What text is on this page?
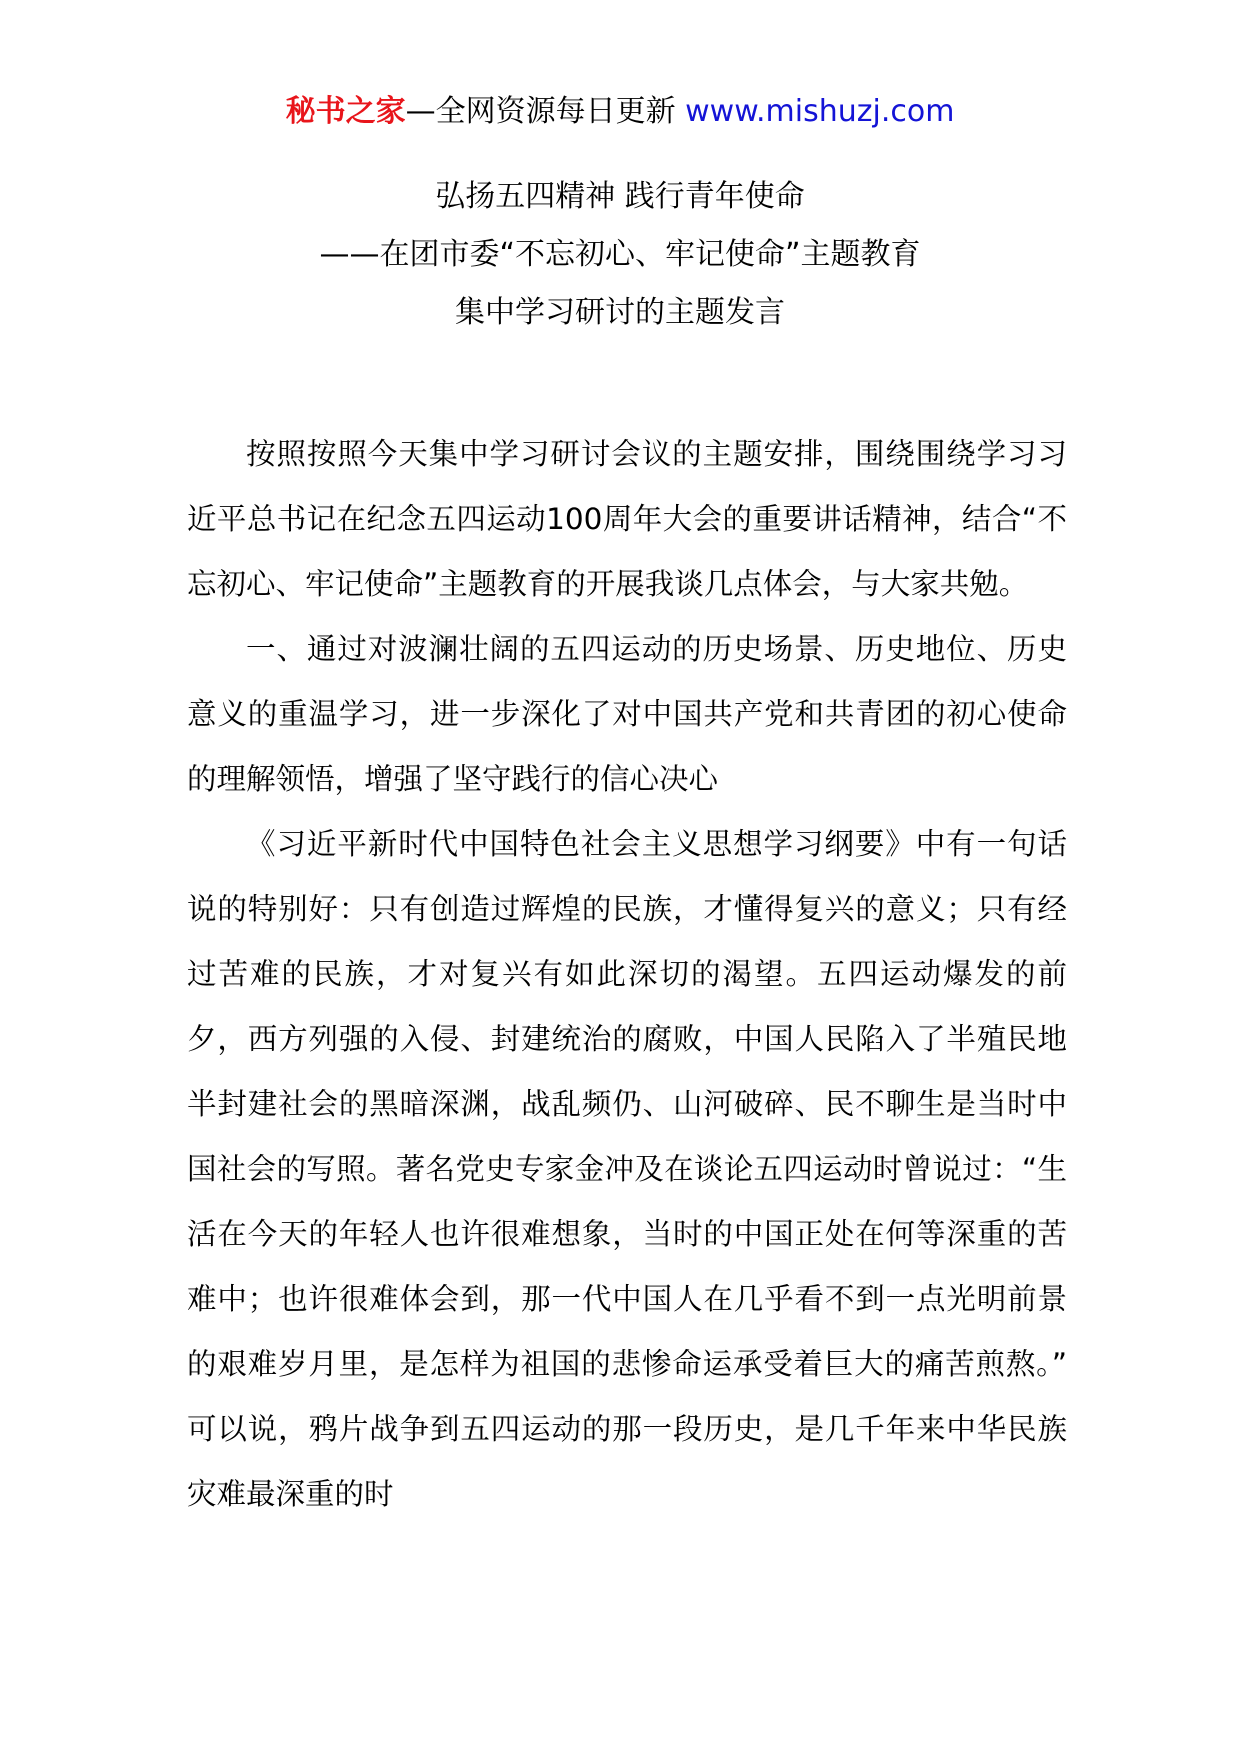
秘书之家—全网资源每日更新 www.mishuzj.com
弘扬五四精神 践行青年使命
——在团市委“不忘初心、牢记使命”主题教育
集中学习研讨的主题发言

按照按照今天集中学习研讨会议的主题安排，围绕围绕学习习近平总书记在纪念五四运动100周年大会的重要讲话精神，结合“不忘初心、牢记使命”主题教育的开展我谈几点体会，与大家共勉。

一、通过对波澜壮阔的五四运动的历史场景、历史地位、历史意义的重温学习，进一步深化了对中国共产党和共青团的初心使命的理解领悟，增强了坚守践行的信心决心

《习近平新时代中国特色社会主义思想学习纲要》中有一句话说的特别好：只有创造过辉煌的民族，才懂得复兴的意义；只有经过苦难的民族，才对复兴有如此深切的渴望。五四运动爆发的前夕，西方列强的入侵、封建统治的腐败，中国人民陷入了半殖民地半封建社会的黑暗深渊，战乱频仍、山河破碎、民不聊生是当时中国社会的写照。著名党史专家金冲及在谈论五四运动时曾说过：“生活在今天的年轻人也许很难想象，当时的中国正处在何等深重的苦难中；也许很难体会到，那一代中国人在几乎看不到一点光明前景的艰难岁月里，是怎样为祖国的悲惨命运承受着巨大的痛苦煎熬。” 可以说，鸦片战争到五四运动的那一段历史，是几千年来中华民族灾难最深重的时
